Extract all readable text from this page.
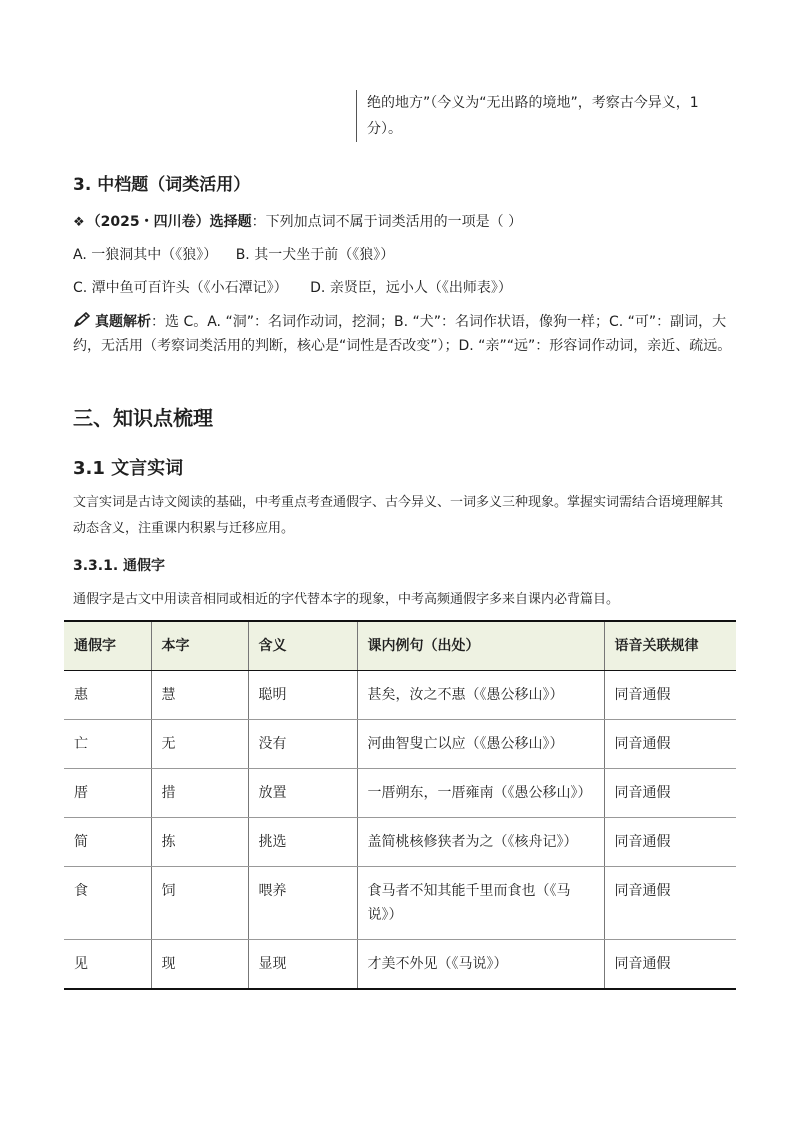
绝的地方”（今义为“无出路的境地”，考察古今异义，1
分）。
3. 中档题（词类活用）
❖ （2025・四川卷）选择题：下列加点词不属于词类活用的一项是（ ）
A. 一狼洞其中（《狼》） B. 其一犬坐于前（《狼》）
C. 潭中鱼可百许头（《小石潭记》） D. 亲贤臣，远小人（《出师表》）
真题解析：选 C。A. “洞”：名词作动词，挖洞；B. “犬”：名词作状语，像狗一样；C. “可”：副词，大约，无活用（考察词类活用的判断，核心是“词性是否改变”）；D. “亲”“远”：形容词作动词，亲近、疏远。
三、知识点梳理
3.1 文言实词
文言实词是古诗文阅读的基础，中考重点考查通假字、古今异义、一词多义三种现象。掌握实词需结合语境理解其动态含义，注重课内积累与迁移应用。
3.3.1. 通假字
通假字是古文中用读音相同或相近的字代替本字的现象，中考高频通假字多来自课内必背篇目。
通假字	本字	含义	课内例句（出处）	语音关联规律
惠	慧	聪明	甚矣，汝之不惠（《愚公移山》）	同音通假
亡	无	没有	河曲智叟亡以应（《愚公移山》）	同音通假
厝	措	放置	一厝朔东，一厝雍南（《愚公移山》）	同音通假
简	拣	挑选	盖简桃核修狭者为之（《核舟记》）	同音通假
食	饲	喂养	食马者不知其能千里而食也（《马说》）	同音通假
见	现	显现	才美不外见（《马说》）	同音通假
